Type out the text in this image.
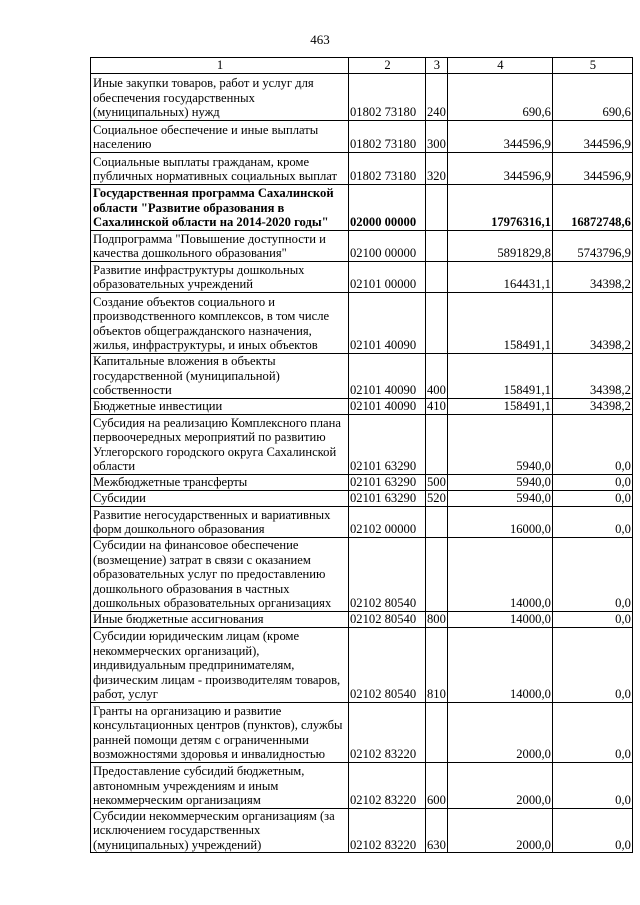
463
1	2	3	4	5
Иные закупки товаров, работ и услуг для обеспечения государственных (муниципальных) нужд	01802 73180	240	690,6	690,6
Социальное обеспечение и иные выплаты населению	01802 73180	300	344596,9	344596,9
Социальные выплаты гражданам, кроме публичных нормативных социальных выплат	01802 73180	320	344596,9	344596,9
Государственная программа Сахалинской области "Развитие образования в Сахалинской области на 2014-2020 годы"	02000 00000		17976316,1	16872748,6
Подпрограмма "Повышение доступности и качества дошкольного образования"	02100 00000		5891829,8	5743796,9
Развитие инфраструктуры дошкольных образовательных учреждений	02101 00000		164431,1	34398,2
Создание объектов социального и производственного комплексов, в том числе объектов общегражданского назначения, жилья, инфраструктуры, и иных объектов	02101 40090		158491,1	34398,2
Капитальные вложения в объекты государственной (муниципальной) собственности	02101 40090	400	158491,1	34398,2
Бюджетные инвестиции	02101 40090	410	158491,1	34398,2
Субсидия на реализацию Комплексного плана первоочередных мероприятий по развитию Углегорского городского округа Сахалинской области	02101 63290		5940,0	0,0
Межбюджетные трансферты	02101 63290	500	5940,0	0,0
Субсидии	02101 63290	520	5940,0	0,0
Развитие негосударственных и вариативных форм дошкольного образования	02102 00000		16000,0	0,0
Субсидии на финансовое обеспечение (возмещение) затрат в связи с оказанием образовательных услуг по предоставлению дошкольного образования в частных дошкольных образовательных организациях	02102 80540		14000,0	0,0
Иные бюджетные ассигнования	02102 80540	800	14000,0	0,0
Субсидии юридическим лицам (кроме некоммерческих организаций), индивидуальным предпринимателям, физическим лицам - производителям товаров, работ, услуг	02102 80540	810	14000,0	0,0
Гранты на организацию и развитие консультационных центров (пунктов), службы ранней помощи детям с ограниченными возможностями здоровья и инвалидностью	02102 83220		2000,0	0,0
Предоставление субсидий бюджетным, автономным учреждениям и иным некоммерческим организациям	02102 83220	600	2000,0	0,0
Субсидии некоммерческим организациям (за исключением государственных (муниципальных) учреждений)	02102 83220	630	2000,0	0,0
